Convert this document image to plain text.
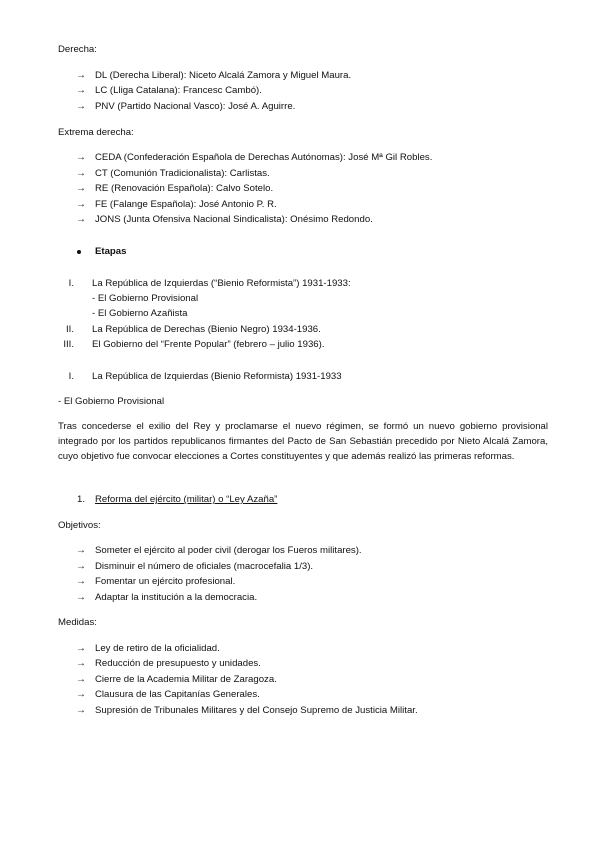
Derecha:
→ DL (Derecha Liberal): Niceto Alcalá Zamora y Miguel Maura.
→ LC (Lliga Catalana): Francesc Cambó).
→ PNV (Partido Nacional Vasco): José A. Aguirre.
Extrema derecha:
→ CEDA (Confederación Española de Derechas Autónomas): José Mª Gil Robles.
→ CT (Comunión Tradicionalista): Carlistas.
→ RE (Renovación Española): Calvo Sotelo.
→ FE (Falange Española): José Antonio P. R.
→ JONS (Junta Ofensiva Nacional Sindicalista): Onésimo Redondo.
Etapas
I. La República de Izquierdas (“Bienio Reformista”) 1931-1933:
- El Gobierno Provisional
- El Gobierno Azañista
II. La República de Derechas (Bienio Negro) 1934-1936.
III. El Gobierno del “Frente Popular” (febrero – julio 1936).
I. La República de Izquierdas (Bienio Reformista) 1931-1933
- El Gobierno Provisional
Tras concederse el exilio del Rey y proclamarse el nuevo régimen, se formó un nuevo gobierno provisional integrado por los partidos republicanos firmantes del Pacto de San Sebastián precedido por Nieto Alcalá Zamora, cuyo objetivo fue convocar elecciones a Cortes constituyentes y que además realizó las primeras reformas.
1. Reforma del ejército (militar) o “Ley Azaña”
Objetivos:
→ Someter el ejército al poder civil (derogar los Fueros militares).
→ Disminuir el número de oficiales (macrocefalia 1/3).
→ Fomentar un ejército profesional.
→ Adaptar la institución a la democracia.
Medidas:
→ Ley de retiro de la oficialidad.
→ Reducción de presupuesto y unidades.
→ Cierre de la Academia Militar de Zaragoza.
→ Clausura de las Capitanías Generales.
→ Supresión de Tribunales Militares y del Consejo Supremo de Justicia Militar.
